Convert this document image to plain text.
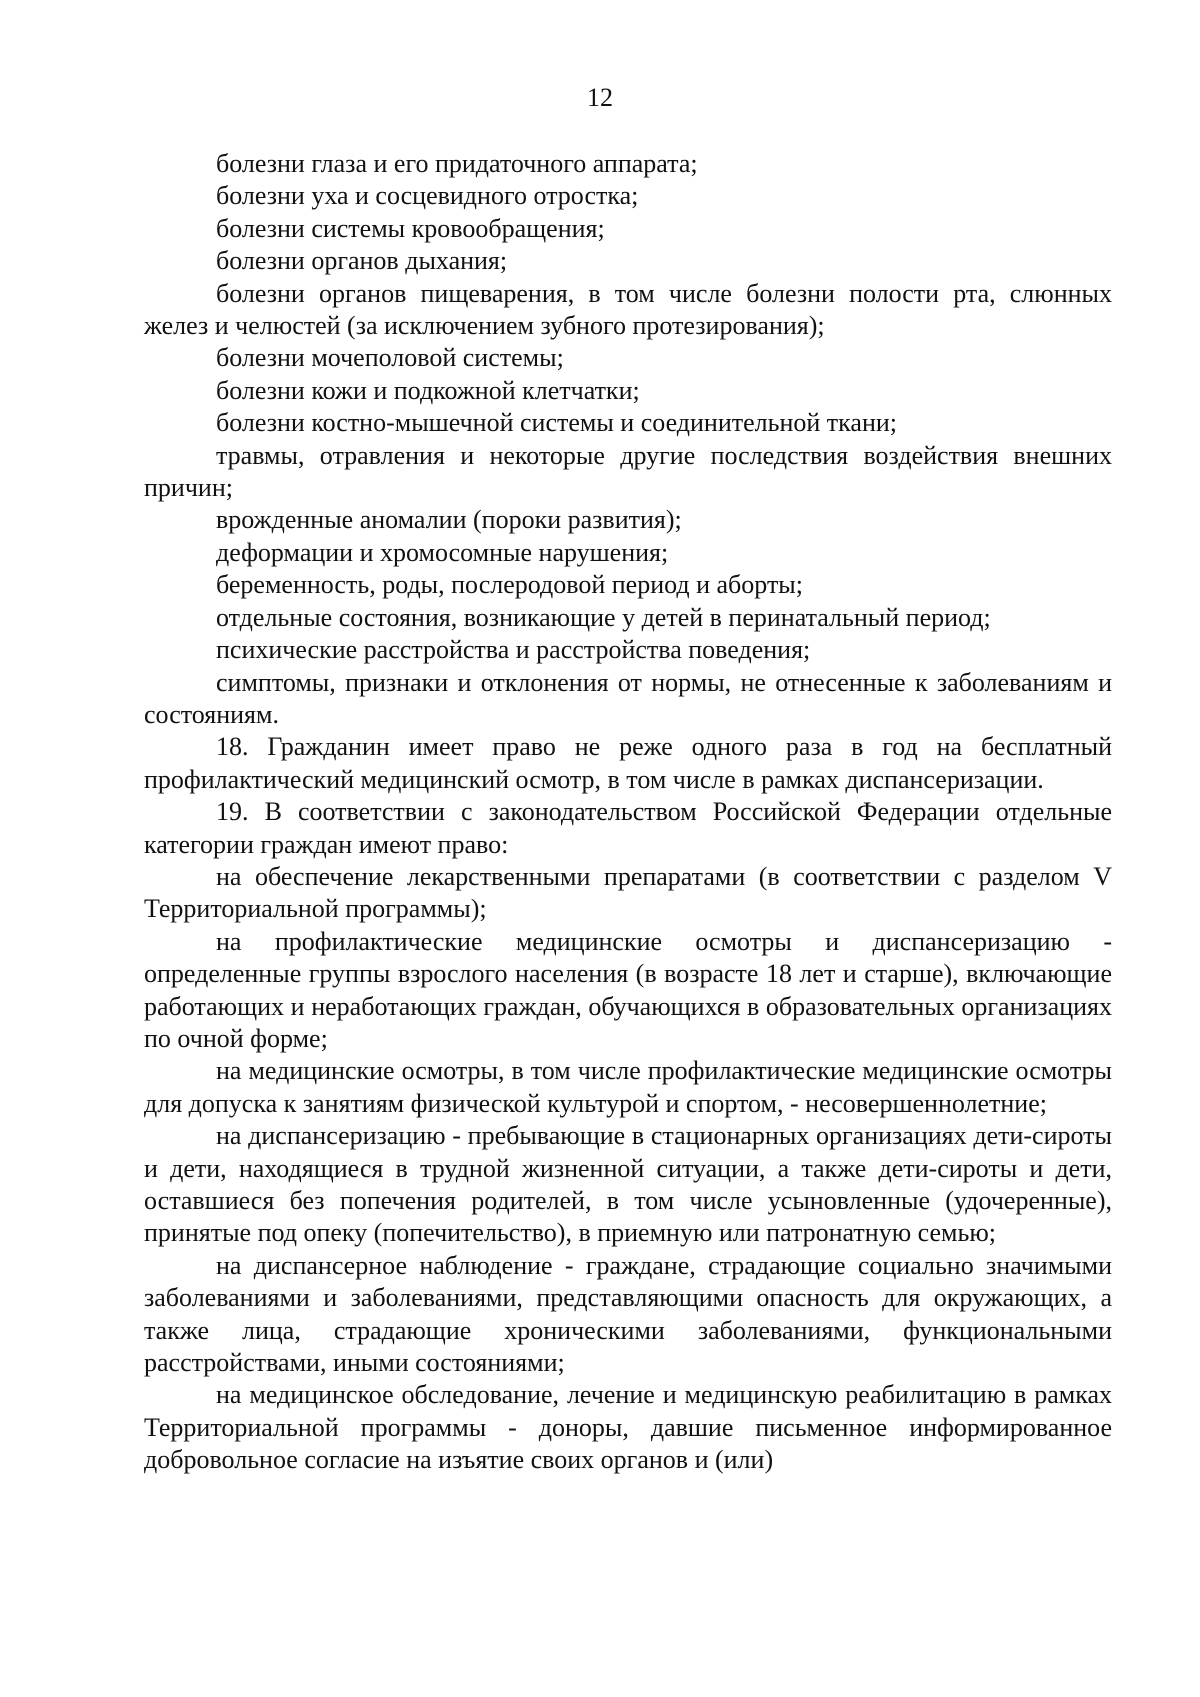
12

болезни глаза и его придаточного аппарата;

болезни уха и сосцевидного отростка;

болезни системы кровообращения;

болезни органов дыхания;

болезни органов пищеварения, в том числе болезни полости рта, слюнных желез и челюстей (за исключением зубного протезирования);

болезни мочеполовой системы;

болезни кожи и подкожной клетчатки;

болезни костно-мышечной системы и соединительной ткани;

травмы, отравления и некоторые другие последствия воздействия внешних причин;

врожденные аномалии (пороки развития);

деформации и хромосомные нарушения;

беременность, роды, послеродовой период и аборты;

отдельные состояния, возникающие у детей в перинатальный период;

психические расстройства и расстройства поведения;

симптомы, признаки и отклонения от нормы, не отнесенные к заболеваниям и состояниям.

18. Гражданин имеет право не реже одного раза в год на бесплатный профилактический медицинский осмотр, в том числе в рамках диспансеризации.

19. В соответствии с законодательством Российской Федерации отдельные категории граждан имеют право:

на обеспечение лекарственными препаратами (в соответствии с разделом V Территориальной программы);

на профилактические медицинские осмотры и диспансеризацию - определенные группы взрослого населения (в возрасте 18 лет и старше), включающие работающих и неработающих граждан, обучающихся в образовательных организациях по очной форме;

на медицинские осмотры, в том числе профилактические медицинские осмотры для допуска к занятиям физической культурой и спортом, - несовершеннолетние;

на диспансеризацию - пребывающие в стационарных организациях дети-сироты и дети, находящиеся в трудной жизненной ситуации, а также дети-сироты и дети, оставшиеся без попечения родителей, в том числе усыновленные (удочеренные), принятые под опеку (попечительство), в приемную или патронатную семью;

на диспансерное наблюдение - граждане, страдающие социально значимыми заболеваниями и заболеваниями, представляющими опасность для окружающих, а также лица, страдающие хроническими заболеваниями, функциональными расстройствами, иными состояниями;

на медицинское обследование, лечение и медицинскую реабилитацию в рамках Территориальной программы - доноры, давшие письменное информированное добровольное согласие на изъятие своих органов и (или)
